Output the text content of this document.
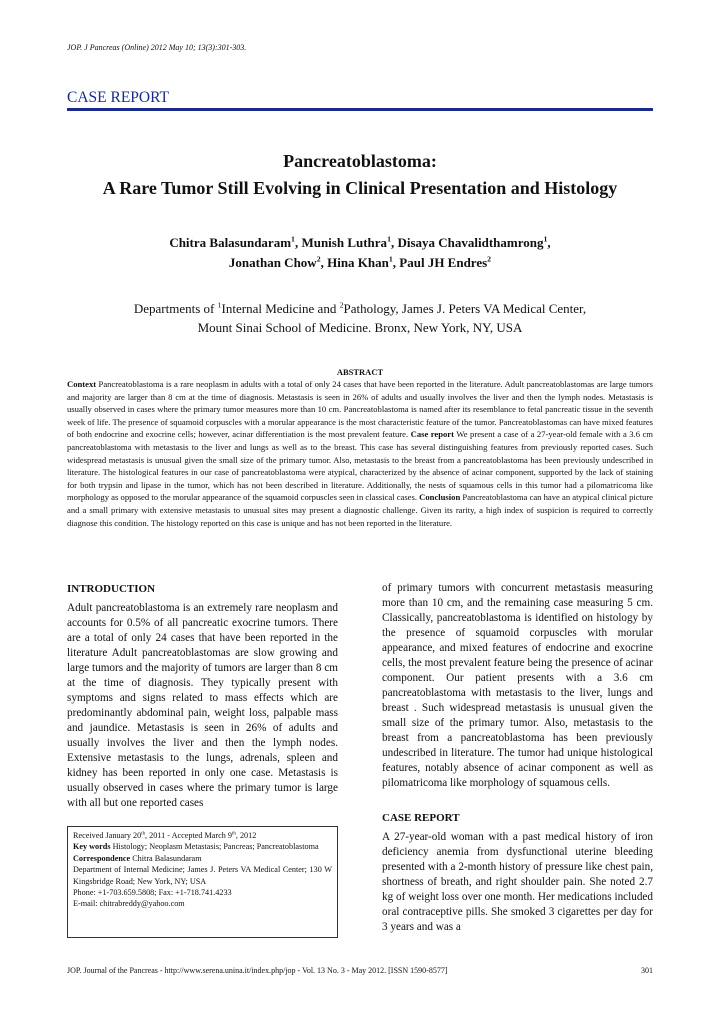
JOP. J Pancreas (Online) 2012 May 10; 13(3):301-303.
CASE REPORT
Pancreatoblastoma:
A Rare Tumor Still Evolving in Clinical Presentation and Histology
Chitra Balasundaram$^1$, Munish Luthra$^1$, Disaya Chavalidthamrong$^1$,
Jonathan Chow$^2$, Hina Khan$^1$, Paul JH Endres$^2$
Departments of $^1$Internal Medicine and $^2$Pathology, James J. Peters VA Medical Center,
Mount Sinai School of Medicine. Bronx, New York, NY, USA
ABSTRACT
Context Pancreatoblastoma is a rare neoplasm in adults with a total of only 24 cases that have been reported in the literature. Adult pancreatoblastomas are large tumors and majority are larger than 8 cm at the time of diagnosis. Metastasis is seen in 26% of adults and usually involves the liver and then the lymph nodes. Metastasis is usually observed in cases where the primary tumor measures more than 10 cm. Pancreatoblastoma is named after its resemblance to fetal pancreatic tissue in the seventh week of life. The presence of squamoid corpuscles with a morular appearance is the most characteristic feature of the tumor. Pancreatoblastomas can have mixed features of both endocrine and exocrine cells; however, acinar differentiation is the most prevalent feature. Case report We present a case of a 27-year-old female with a 3.6 cm pancreatoblastoma with metastasis to the liver and lungs as well as to the breast. This case has several distinguishing features from previously reported cases. Such widespread metastasis is unusual given the small size of the primary tumor. Also, metastasis to the breast from a pancreatoblastoma has been previously undescribed in literature. The histological features in our case of pancreatoblastoma were atypical, characterized by the absence of acinar component, supported by the lack of staining for both trypsin and lipase in the tumor, which has not been described in literature. Additionally, the nests of squamous cells in this tumor had a pilomatricoma like morphology as opposed to the morular appearance of the squamoid corpuscles seen in classical cases. Conclusion Pancreatoblastoma can have an atypical clinical picture and a small primary with extensive metastasis to unusual sites may present a diagnostic challenge. Given its rarity, a high index of suspicion is required to correctly diagnose this condition. The histology reported on this case is unique and has not been reported in the literature.
INTRODUCTION
Adult pancreatoblastoma is an extremely rare neoplasm and accounts for 0.5% of all pancreatic exocrine tumors. There are a total of only 24 cases that have been reported in the literature Adult pancreatoblastomas are slow growing and large tumors and the majority of tumors are larger than 8 cm at the time of diagnosis. They typically present with symptoms and signs related to mass effects which are predominantly abdominal pain, weight loss, palpable mass and jaundice. Metastasis is seen in 26% of adults and usually involves the liver and then the lymph nodes. Extensive metastasis to the lungs, adrenals, spleen and kidney has been reported in only one case. Metastasis is usually observed in cases where the primary tumor is large with all but one reported cases
Received January 20th, 2011 - Accepted March 9th, 2012
Key words Histology; Neoplasm Metastasis; Pancreas; Pancreatoblastoma
Correspondence Chitra Balasundaram
Department of Internal Medicine; James J. Peters VA Medical Center; 130 W Kingsbridge Road; New York, NY; USA
Phone: +1-703.659.5808; Fax: +1-718.741.4233
E-mail: chitrabreddy@yahoo.com
of primary tumors with concurrent metastasis measuring more than 10 cm, and the remaining case measuring 5 cm. Classically, pancreatoblastoma is identified on histology by the presence of squamoid corpuscles with morular appearance, and mixed features of endocrine and exocrine cells, the most prevalent feature being the presence of acinar component. Our patient presents with a 3.6 cm pancreatoblastoma with metastasis to the liver, lungs and breast . Such widespread metastasis is unusual given the small size of the primary tumor. Also, metastasis to the breast from a pancreatoblastoma has been previously undescribed in literature. The tumor had unique histological features, notably absence of acinar component as well as pilomatricoma like morphology of squamous cells.
CASE REPORT
A 27-year-old woman with a past medical history of iron deficiency anemia from dysfunctional uterine bleeding presented with a 2-month history of pressure like chest pain, shortness of breath, and right shoulder pain. She noted 2.7 kg of weight loss over one month. Her medications included oral contraceptive pills. She smoked 3 cigarettes per day for 3 years and was a
JOP. Journal of the Pancreas - http://www.serena.unina.it/index.php/jop - Vol. 13 No. 3 - May 2012. [ISSN 1590-8577]	301
